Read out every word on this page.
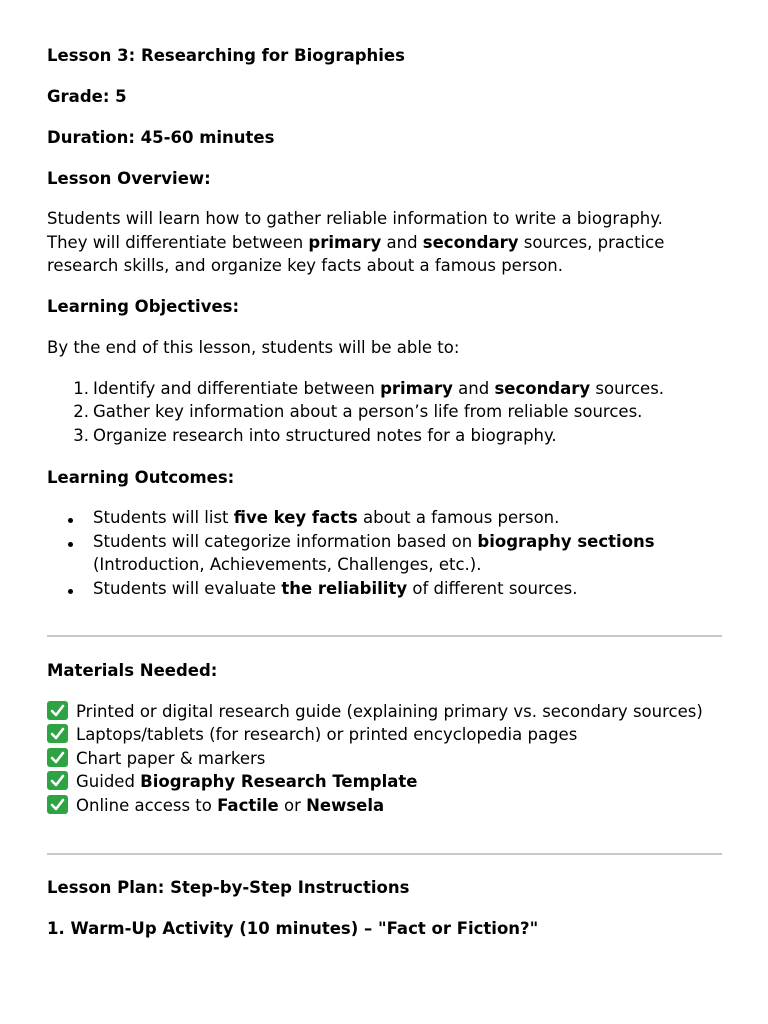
Lesson 3: Researching for Biographies
Grade: 5
Duration: 45-60 minutes
Lesson Overview:
Students will learn how to gather reliable information to write a biography.
They will differentiate between primary and secondary sources, practice
research skills, and organize key facts about a famous person.
Learning Objectives:
By the end of this lesson, students will be able to:
1. Identify and differentiate between primary and secondary sources.
2. Gather key information about a person’s life from reliable sources.
3. Organize research into structured notes for a biography.
Learning Outcomes:
Students will list five key facts about a famous person.
Students will categorize information based on biography sections
(Introduction, Achievements, Challenges, etc.).
Students will evaluate the reliability of different sources.
Materials Needed:
Printed or digital research guide (explaining primary vs. secondary sources)
Laptops/tablets (for research) or printed encyclopedia pages
Chart paper & markers
Guided Biography Research Template
Online access to Factile or Newsela
Lesson Plan: Step-by-Step Instructions
1. Warm-Up Activity (10 minutes) – "Fact or Fiction?"
